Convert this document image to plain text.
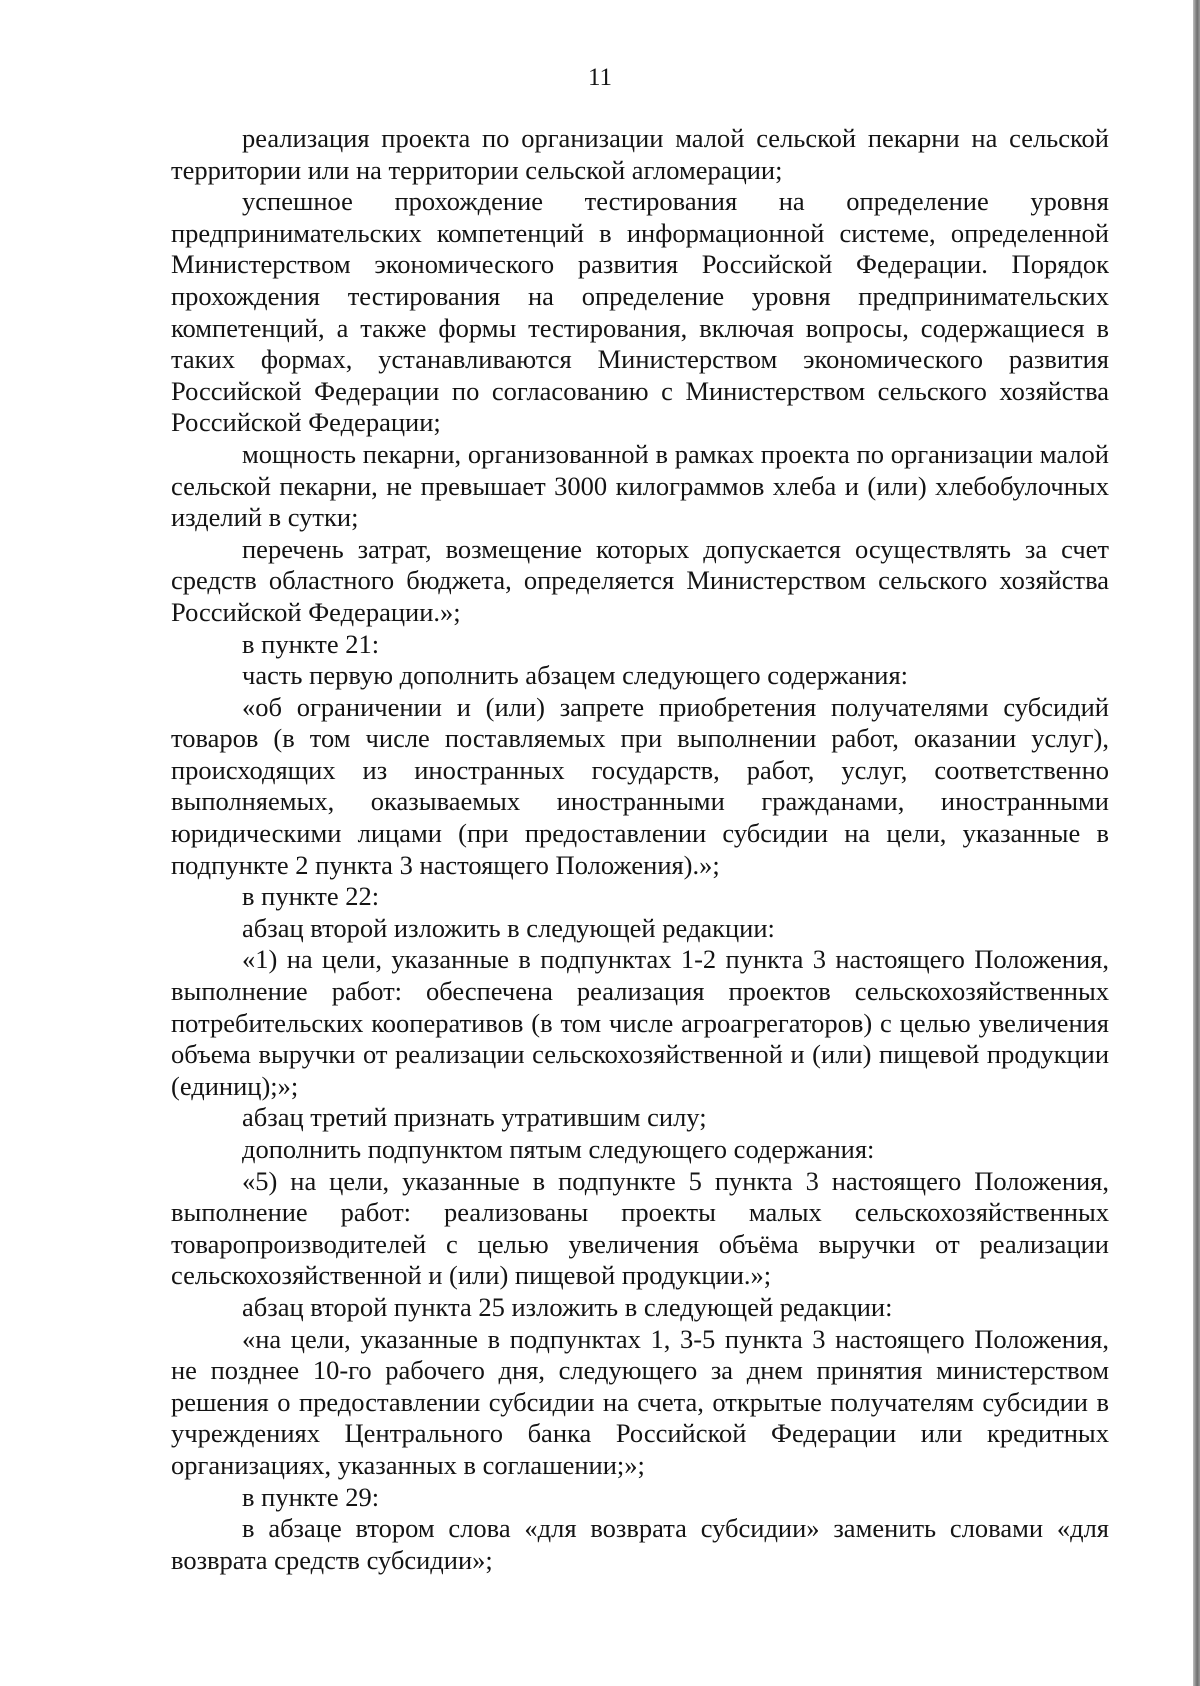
11

реализация проекта по организации малой сельской пекарни на сельской территории или на территории сельской агломерации;

успешное прохождение тестирования на определение уровня предпринимательских компетенций в информационной системе, определенной Министерством экономического развития Российской Федерации. Порядок прохождения тестирования на определение уровня предпринимательских компетенций, а также формы тестирования, включая вопросы, содержащиеся в таких формах, устанавливаются Министерством экономического развития Российской Федерации по согласованию с Министерством сельского хозяйства Российской Федерации;

мощность пекарни, организованной в рамках проекта по организации малой сельской пекарни, не превышает 3000 килограммов хлеба и (или) хлебобулочных изделий в сутки;

перечень затрат, возмещение которых допускается осуществлять за счет средств областного бюджета, определяется Министерством сельского хозяйства Российской Федерации.»;

в пункте 21:

часть первую дополнить абзацем следующего содержания:

«об ограничении и (или) запрете приобретения получателями субсидий товаров (в том числе поставляемых при выполнении работ, оказании услуг), происходящих из иностранных государств, работ, услуг, соответственно выполняемых, оказываемых иностранными гражданами, иностранными юридическими лицами (при предоставлении субсидии на цели, указанные в подпункте 2 пункта 3 настоящего Положения).»;

в пункте 22:

абзац второй изложить в следующей редакции:

«1) на цели, указанные в подпунктах 1-2 пункта 3 настоящего Положения, выполнение работ: обеспечена реализация проектов сельскохозяйственных потребительских кооперативов (в том числе агроагрегаторов) с целью увеличения объема выручки от реализации сельскохозяйственной и (или) пищевой продукции (единиц);»;

абзац третий признать утратившим силу;

дополнить подпунктом пятым следующего содержания:

«5) на цели, указанные в подпункте 5 пункта 3 настоящего Положения, выполнение работ: реализованы проекты малых сельскохозяйственных товаропроизводителей с целью увеличения объёма выручки от реализации сельскохозяйственной и (или) пищевой продукции.»;

абзац второй пункта 25 изложить в следующей редакции:

«на цели, указанные в подпунктах 1, 3-5 пункта 3 настоящего Положения, не позднее 10-го рабочего дня, следующего за днем принятия министерством решения о предоставлении субсидии на счета, открытые получателям субсидии в учреждениях Центрального банка Российской Федерации или кредитных организациях, указанных в соглашении;»;

в пункте 29:

в абзаце втором слова «для возврата субсидии» заменить словами «для возврата средств субсидии»;
